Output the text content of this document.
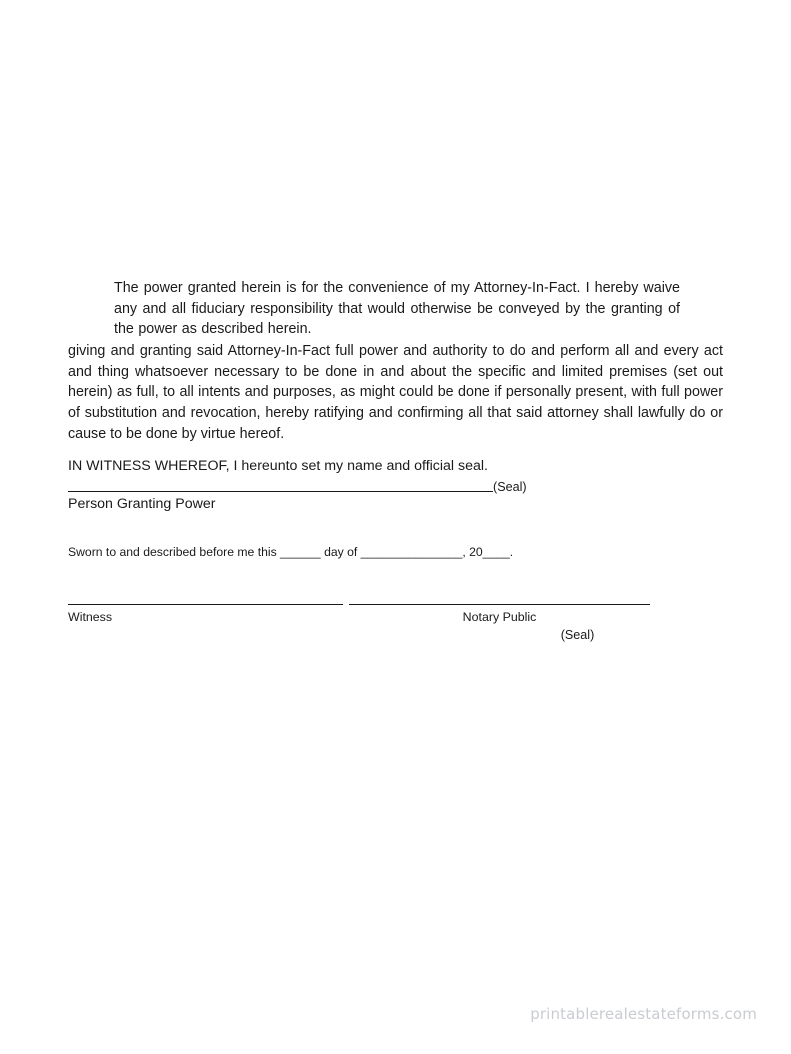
The power granted herein is for the convenience of my Attorney-In-Fact. I hereby waive any and all fiduciary responsibility that would otherwise be conveyed by the granting of the power as described herein.

giving and granting said Attorney-In-Fact full power and authority to do and perform all and every act and thing whatsoever necessary to be done in and about the specific and limited premises (set out herein) as full, to all intents and purposes, as might could be done if personally present, with full power of substitution and revocation, hereby ratifying and confirming all that said attorney shall lawfully do or cause to be done by virtue hereof.

IN WITNESS WHEREOF, I hereunto set my name and official seal.

(Seal)
Person Granting Power
Sworn to and described before me this ______ day of _______________, 20____.
Witness	Notary Public
(Seal)
printablerealestateforms.com
